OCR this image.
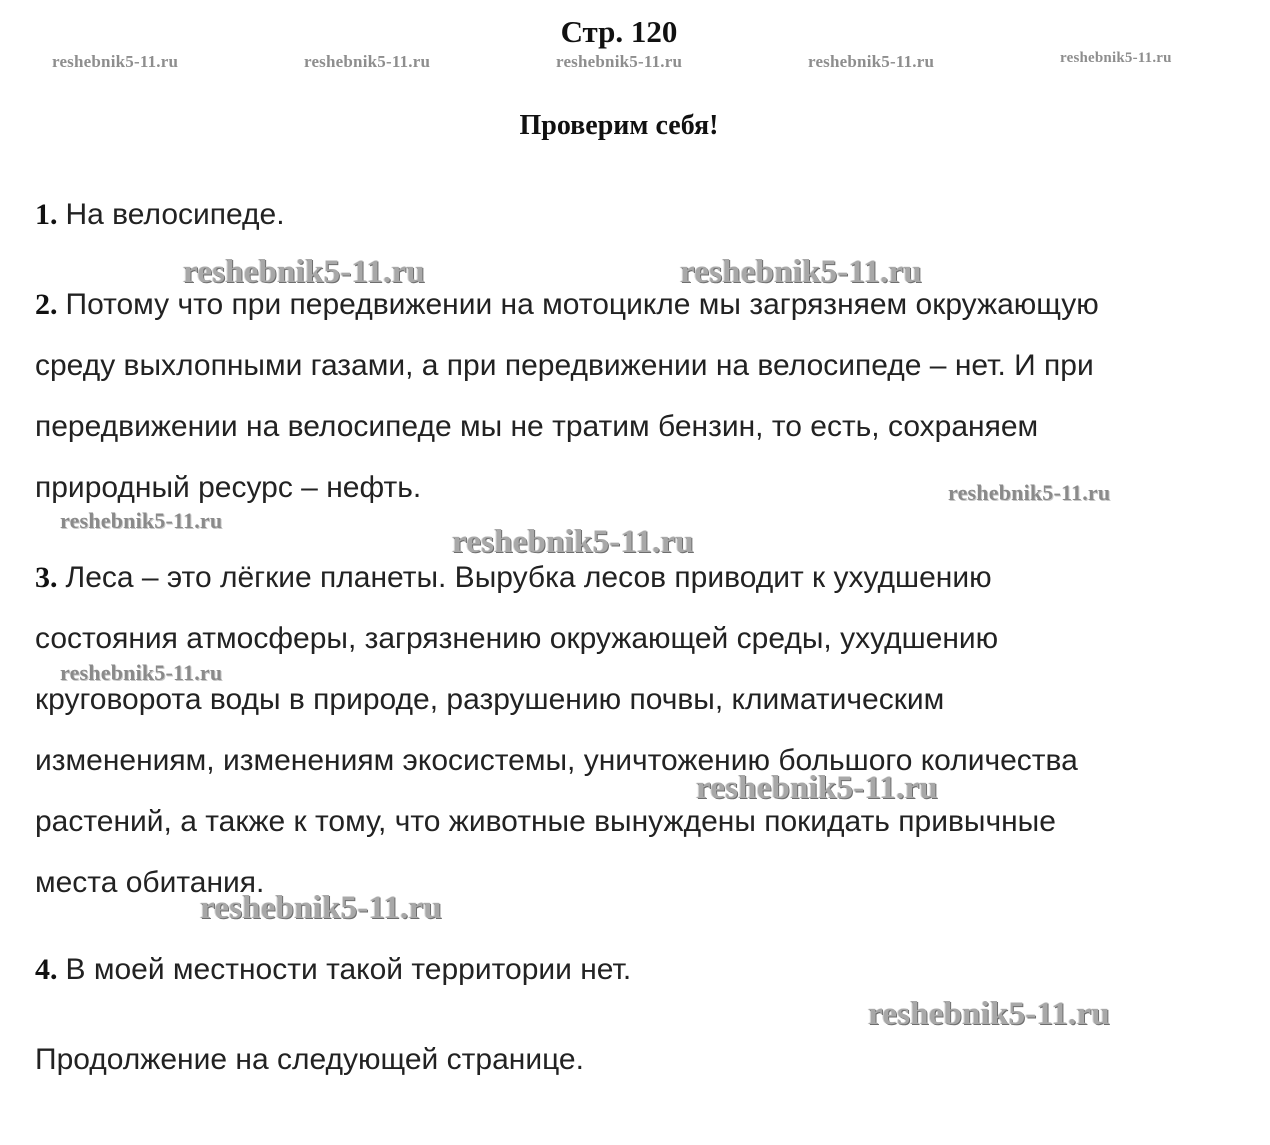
Стр. 120
reshebnik5-11.ru	reshebnik5-11.ru	reshebnik5-11.ru	reshebnik5-11.ru	reshebnik5-11.ru
Проверим себя!

1. На велосипеде.

2. Потому что при передвижении на мотоцикле мы загрязняем окружающую
среду выхлопными газами, а при передвижении на велосипеде – нет. И при
передвижении на велосипеде мы не тратим бензин, то есть, сохраняем
природный ресурс – нефть.

3. Леса – это лёгкие планеты. Вырубка лесов приводит к ухудшению
состояния атмосферы, загрязнению окружающей среды, ухудшению
круговорота воды в природе, разрушению почвы, климатическим
изменениям, изменениям экосистемы, уничтожению большого количества
растений, а также к тому, что животные вынуждены покидать привычные
места обитания.

4. В моей местности такой территории нет.

Продолжение на следующей странице.

reshebnik5-11.ru	reshebnik5-11.ru
reshebnik5-11.ru
reshebnik5-11.ru
reshebnik5-11.ru
reshebnik5-11.ru
reshebnik5-11.ru
reshebnik5-11.ru
reshebnik5-11.ru
